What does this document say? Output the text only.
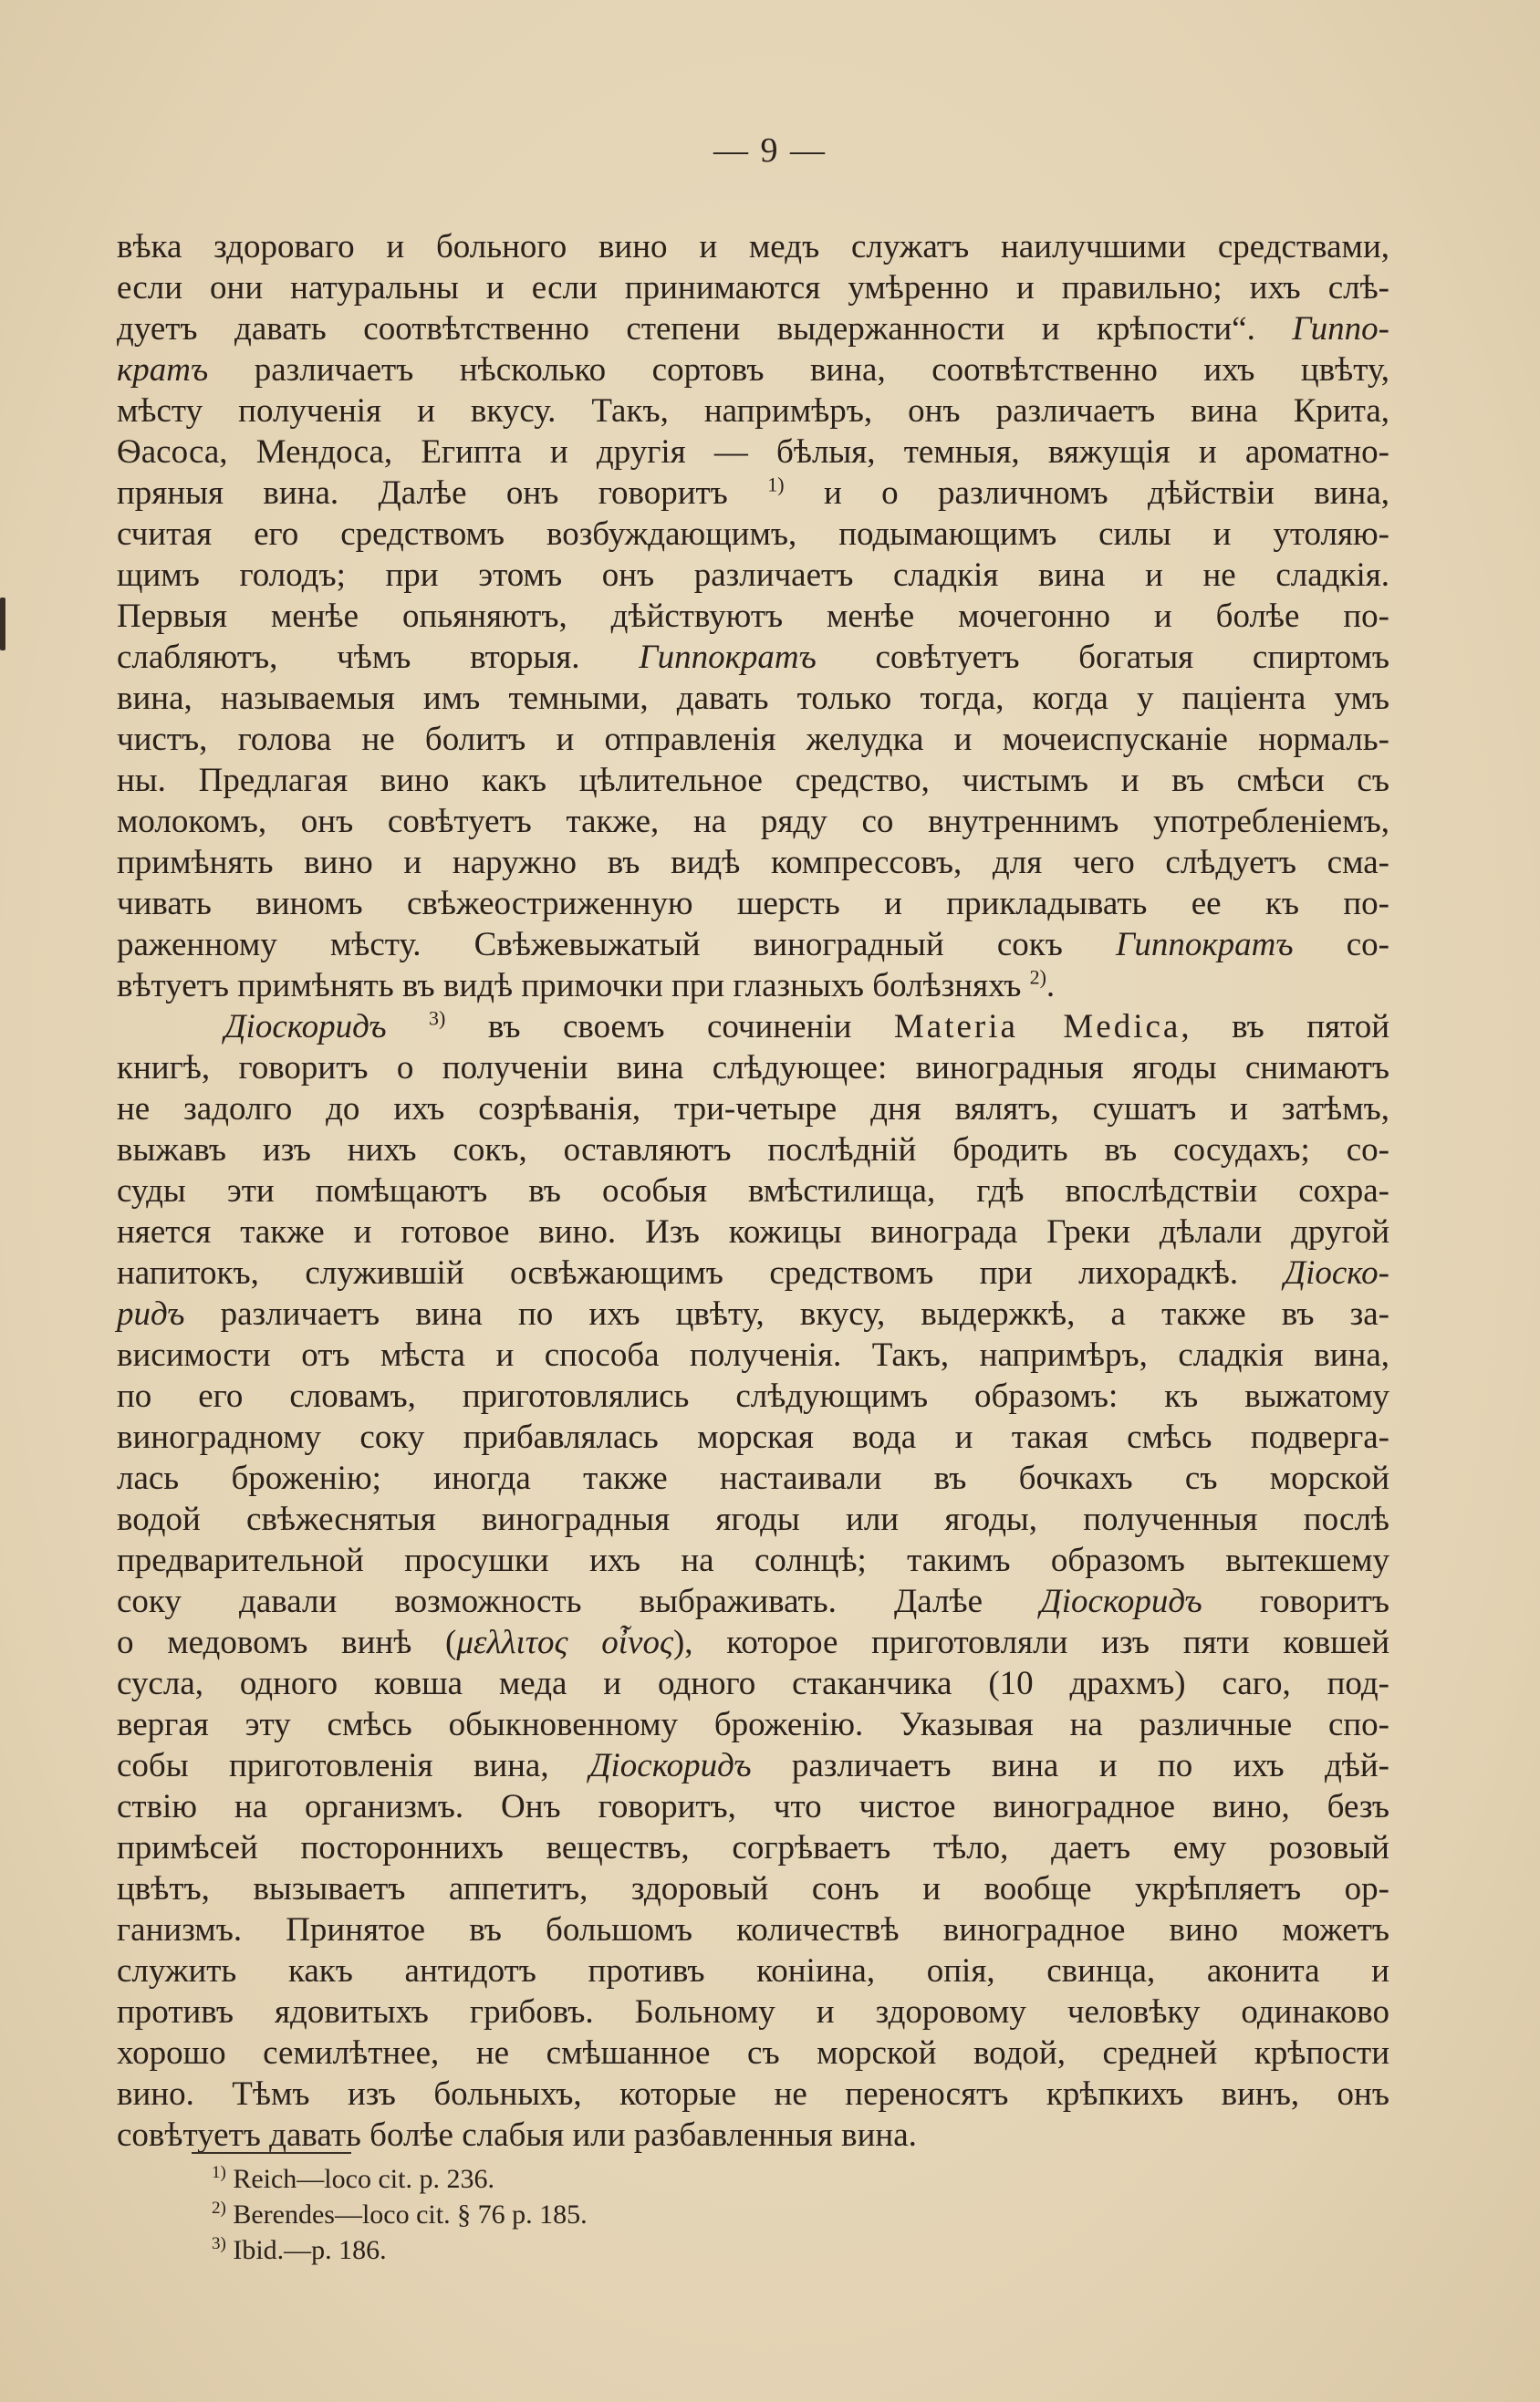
— 9 —
вѣка здороваго и больного вино и медъ служатъ наилучшими средствами,
если они натуральны и если принимаются умѣренно и правильно; ихъ слѣ-
дуетъ давать соотвѣтственно степени выдержанности и крѣпости“. Гиппо-
кратъ различаетъ нѣсколько сортовъ вина, соотвѣтственно ихъ цвѣту,
мѣсту полученія и вкусу. Такъ, напримѣръ, онъ различаетъ вина Крита,
Ѳасоса, Мендоса, Египта и другія — бѣлыя, темныя, вяжущія и ароматно-
пряныя вина. Далѣе онъ говоритъ $^{1)}$ и о различномъ дѣйствіи вина,
считая его средствомъ возбуждающимъ, подымающимъ силы и утоляю-
щимъ голодъ; при этомъ онъ различаетъ сладкія вина и не сладкія.
Первыя менѣе опьяняютъ, дѣйствуютъ менѣе мочегонно и болѣе по-
слабляютъ, чѣмъ вторыя. Гиппократъ совѣтуетъ богатыя спиртомъ
вина, называемыя имъ темными, давать только тогда, когда у паціента умъ
чистъ, голова не болитъ и отправленія желудка и мочеиспусканіе нормаль-
ны. Предлагая вино какъ цѣлительное средство, чистымъ и въ смѣси съ
молокомъ, онъ совѣтуетъ также, на ряду со внутреннимъ употребленіемъ,
примѣнять вино и наружно въ видѣ компрессовъ, для чего слѣдуетъ сма-
чивать виномъ свѣжеостриженную шерсть и прикладывать ее къ по-
раженному мѣсту. Свѣжевыжатый виноградный сокъ Гиппократъ со-
вѣтуетъ примѣнять въ видѣ примочки при глазныхъ болѣзняхъ $^{2)}$.
Діоскоридъ $^{3)}$ въ своемъ сочиненіи Materia Medica, въ пятой
книгѣ, говоритъ о полученіи вина слѣдующее: виноградныя ягоды снимаютъ
не задолго до ихъ созрѣванія, три-четыре дня вялятъ, сушатъ и затѣмъ,
выжавъ изъ нихъ сокъ, оставляютъ послѣдній бродить въ сосудахъ; со-
суды эти помѣщаютъ въ особыя вмѣстилища, гдѣ впослѣдствіи сохра-
няется также и готовое вино. Изъ кожицы винограда Греки дѣлали другой
напитокъ, служившій освѣжающимъ средствомъ при лихорадкѣ. Діоско-
ридъ различаетъ вина по ихъ цвѣту, вкусу, выдержкѣ, а также въ за-
висимости отъ мѣста и способа полученія. Такъ, напримѣръ, сладкія вина,
по его словамъ, приготовлялись слѣдующимъ образомъ: къ выжатому
виноградному соку прибавлялась морская вода и такая смѣсь подверга-
лась броженію; иногда также настаивали въ бочкахъ съ морской
водой свѣжеснятыя виноградныя ягоды или ягоды, полученныя послѣ
предварительной просушки ихъ на солнцѣ; такимъ образомъ вытекшему
соку давали возможность выбраживать. Далѣе Діоскоридъ говоритъ
о медовомъ винѣ (μελλιτος οἶνος), которое приготовляли изъ пяти ковшей
сусла, одного ковша меда и одного стаканчика (10 драхмъ) саго, под-
вергая эту смѣсь обыкновенному броженію. Указывая на различные спо-
собы приготовленія вина, Діоскоридъ различаетъ вина и по ихъ дѣй-
ствію на организмъ. Онъ говоритъ, что чистое виноградное вино, безъ
примѣсей постороннихъ веществъ, согрѣваетъ тѣло, даетъ ему розовый
цвѣтъ, вызываетъ аппетитъ, здоровый сонъ и вообще укрѣпляетъ ор-
ганизмъ. Принятое въ большомъ количествѣ виноградное вино можетъ
служить какъ антидотъ противъ коніина, опія, свинца, аконита и
противъ ядовитыхъ грибовъ. Больному и здоровому человѣку одинаково
хорошо семилѣтнее, не смѣшанное съ морской водой, средней крѣпости
вино. Тѣмъ изъ больныхъ, которые не переносятъ крѣпкихъ винъ, онъ
совѣтуетъ давать болѣе слабыя или разбавленныя вина.
$^{1)}$ Reich—loco cit. p. 236.
$^{2)}$ Berendes—loco cit. § 76 p. 185.
$^{3)}$ Ibid.—p. 186.
